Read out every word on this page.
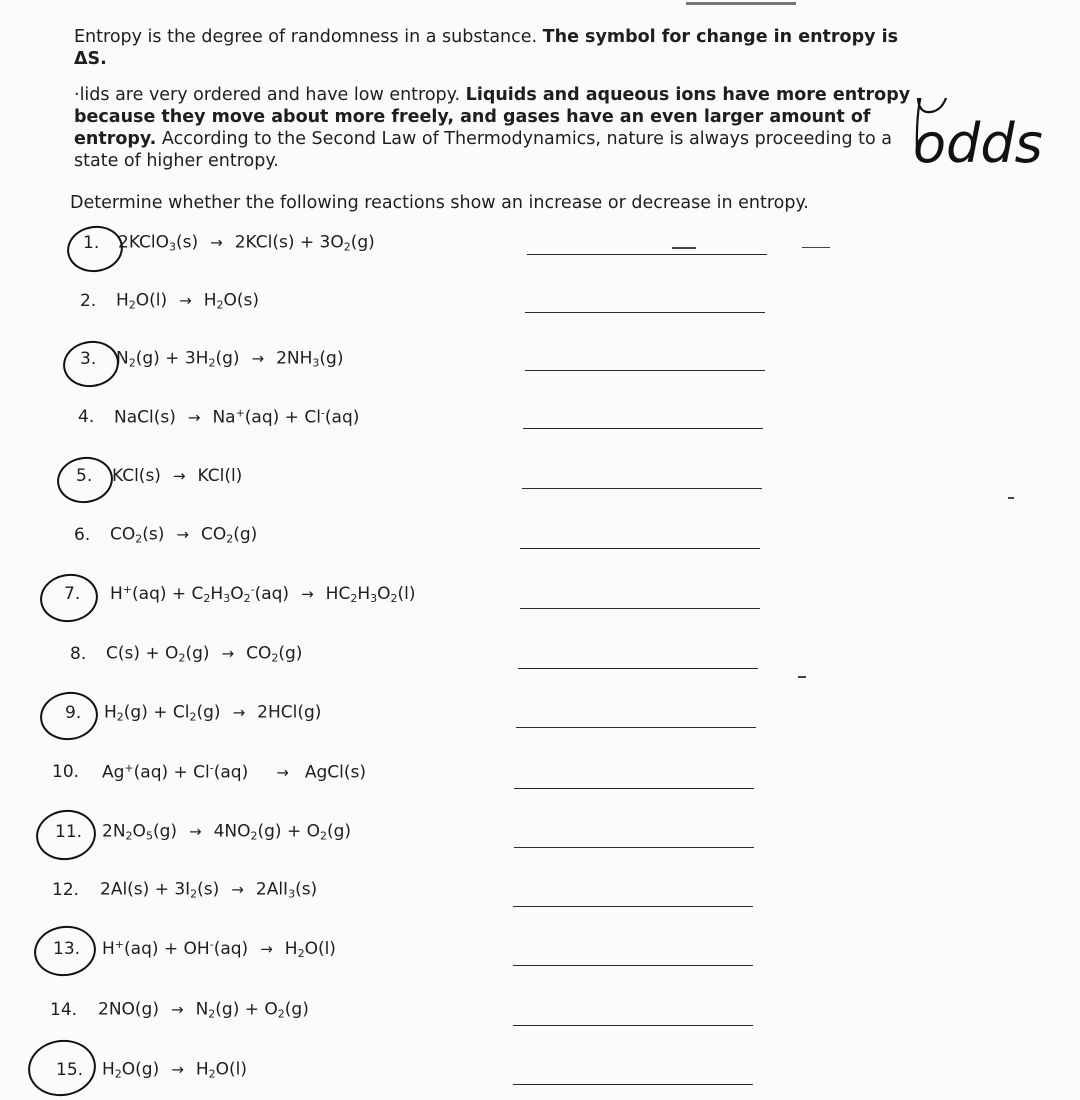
Entropy is the degree of randomness in a substance. The symbol for change in entropy is ΔS.

·lids are very ordered and have low entropy. Liquids and aqueous ions have more entropy because they move about more freely, and gases have an even larger amount of entropy. According to the Second Law of Thermodynamics, nature is always proceeding to a state of higher entropy.

Determine whether the following reactions show an increase or decrease in entropy.

odds
1. 2KClO$_3$(s) → $2KCl(s) + 3O_2(g)$
2. $H_2O(l) \to H_2O(s)$
3. $N_2(g) + 3H_2(g) \to 2NH_3(g)$
4. NaCl(s) → Na+(aq) + Cl-(aq)
5. KCl(s) → KCl(l)
6. $CO_2(s) \to CO_2(g)$
7. $H^+(aq) + C_2H_3O_2^-(aq) \to HC_2H_3O_2(l)$
8. $C(s) + O_2(g) \to CO_2(g)$
9. $H_2(g) + Cl_2(g) \to 2HCl(g)$
10. Ag+(aq) + Cl-(aq) → AgCl(s)
11. $2N_2O_5(g) \to 4NO_2(g) + O_2(g)$
12. $2Al(s) + 3I_2(s) \to 2AlI_3(s)$
13. $H^+(aq) + OH^-(aq) \to H_2O(l)$
14. $2NO(g) \to N_2(g) + O_2(g)$
15. $H_2O(g) \to H_2O(l)$
